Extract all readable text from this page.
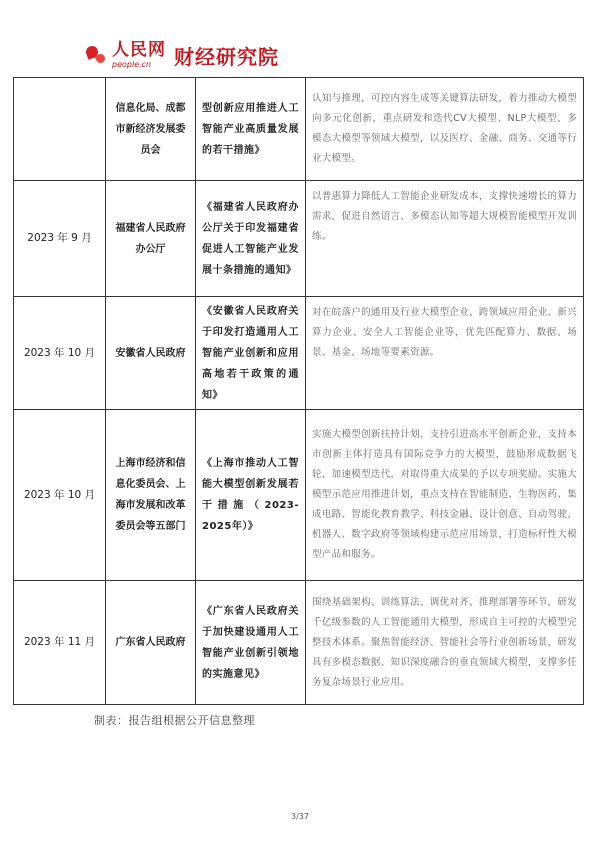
人民网
people.cn	财经研究院
	信息化局、成都市新经济发展委员会	型创新应用推进人工智能产业高质量发展的若干措施》	认知与推理，可控内容生成等关键算法研发，着力推动大模型向多元化创新，重点研发和迭代CV大模型、NLP大模型、多模态大模型等领域大模型，以及医疗、金融、商务、交通等行业大模型。
2023 年 9 月	福建省人民政府办公厅	《福建省人民政府办公厅关于印发福建省促进人工智能产业发展十条措施的通知》	以普惠算力降低人工智能企业研发成本，支撑快速增长的算力需求，促进自然语言、多模态认知等超大规模智能模型开发训练。
2023 年 10 月	安徽省人民政府	《安徽省人民政府关于印发打造通用人工智能产业创新和应用高地若干政策的通知》	对在皖落户的通用及行业大模型企业、跨领域应用企业、新兴算力企业、安全人工智能企业等，优先匹配算力、数据、场景、基金、场地等要素资源。
2023 年 10 月	上海市经济和信息化委员会、上海市发展和改革委员会等五部门	《上海市推动人工智能大模型创新发展若干措施（2023-2025年）》	实施大模型创新扶持计划，支持引进高水平创新企业，支持本市创新主体打造具有国际竞争力的大模型，鼓励形成数据飞轮，加速模型迭代，对取得重大成果的予以专项奖励。实施大模型示范应用推进计划，重点支持在智能制造、生物医药、集成电路、智能化教育教学、科技金融、设计创意、自动驾驶、机器人、数字政府等领域构建示范应用场景，打造标杆性大模型产品和服务。
2023 年 11 月	广东省人民政府	《广东省人民政府关于加快建设通用人工智能产业创新引领地的实施意见》	围绕基础架构、训练算法、调优对齐、推理部署等环节，研发千亿级参数的人工智能通用大模型，形成自主可控的大模型完整技术体系。聚焦智能经济、智能社会等行业创新场景，研发具有多模态数据、知识深度融合的垂直领域大模型，支撑多任务复杂场景行业应用。
制表：报告组根据公开信息整理
3/37
